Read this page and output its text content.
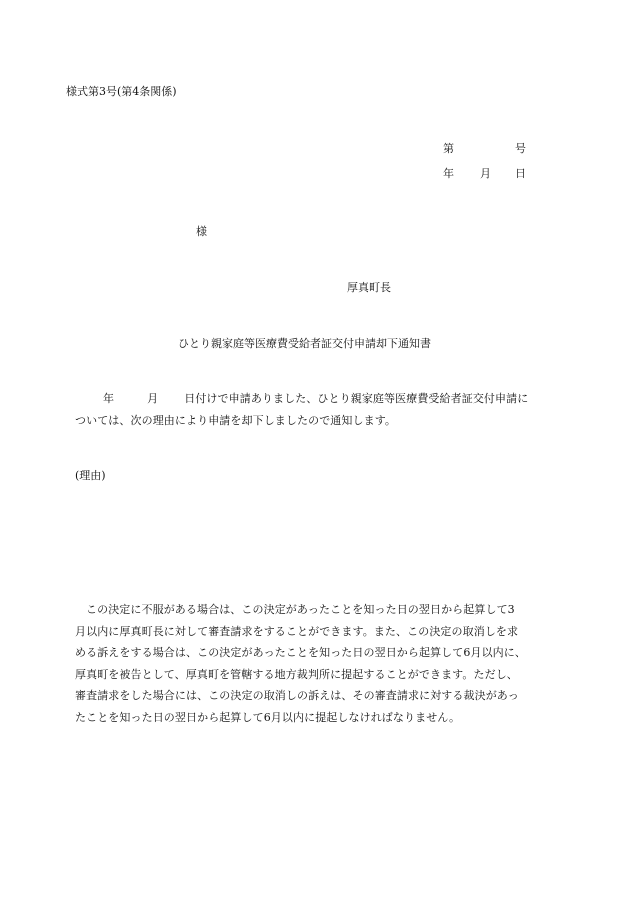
様式第3号(第4条関係)
第	号
年 月 日
様
厚真町長
ひとり親家庭等医療費受給者証交付申請却下通知書
年	月 日付けで申請ありました、ひとり親家庭等医療費受給者証交付申請に
ついては、次の理由により申請を却下しましたので通知します。
(理由)
この決定に不服がある場合は、この決定があったことを知った日の翌日から起算して3
月以内に厚真町長に対して審査請求をすることができます。また、この決定の取消しを求
める訴えをする場合は、この決定があったことを知った日の翌日から起算して6月以内に、
厚真町を被告として、厚真町を管轄する地方裁判所に提起することができます。ただし、
審査請求をした場合には、この決定の取消しの訴えは、その審査請求に対する裁決があっ
たことを知った日の翌日から起算して6月以内に提起しなければなりません。
